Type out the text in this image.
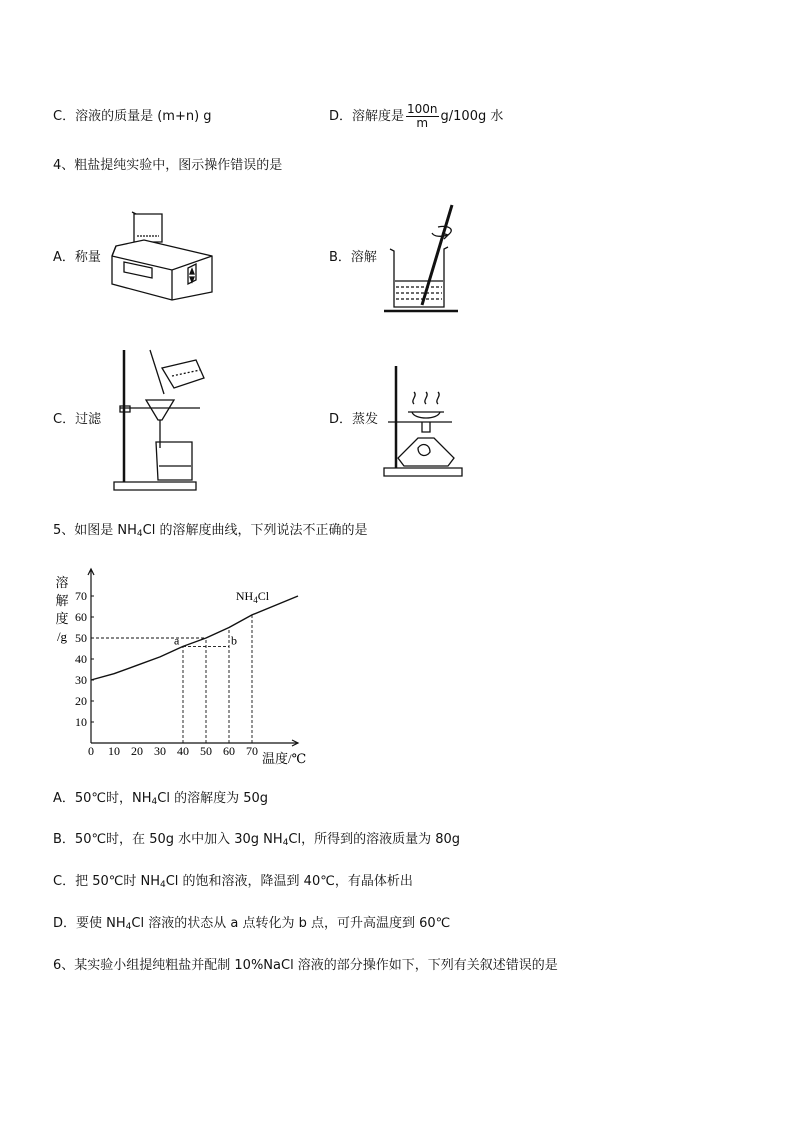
C．溶液的质量是 (m+n) g	D．溶解度是 $\frac{100n}{m} g/100g$ 水
4、粗盐提纯实验中，图示操作错误的是
A．称量	B．溶解
C．过滤	D．蒸发
5、如图是 $NH_4Cl$ 的溶解度曲线，下列说法不正确的是
0 10 20 30 40 50 60 70
10
20
30
40
50
60
70
溶
解
度
/g
温度/℃
$NH_4Cl$
a	b
A．50℃时，$NH_4Cl$ 的溶解度为 50g
B．50℃时，在 50g 水中加入 30g $NH_4Cl$，所得到的溶液质量为 80g
C．把 50℃时 $NH_4Cl$ 的饱和溶液，降温到 40℃，有晶体析出
D．要使 $NH_4Cl$ 溶液的状态从 a 点转化为 b 点，可升高温度到 60℃
6、某实验小组提纯粗盐并配制 10%NaCl 溶液的部分操作如下，下列有关叙述错误的是
